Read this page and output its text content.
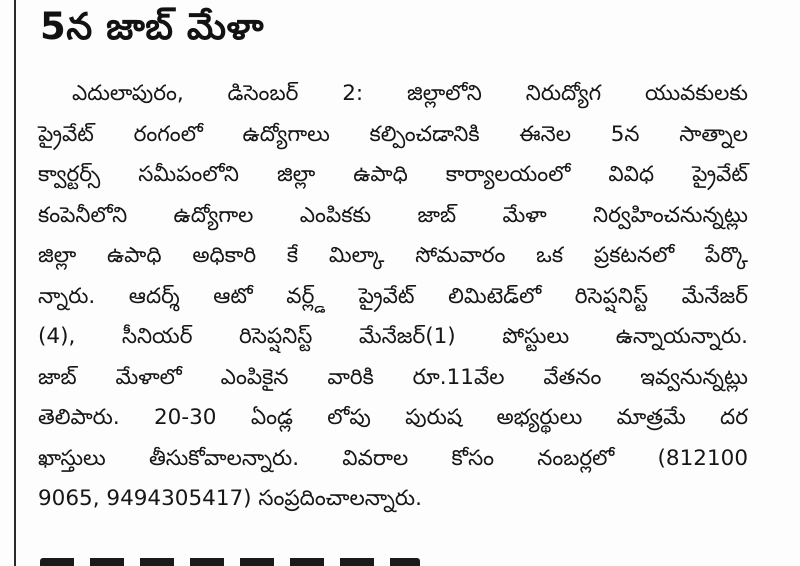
5న జాబ్ మేళా
ఎదులాపురం, డిసెంబర్ 2: జిల్లాలోని నిరుద్యోగ యువకులకు
ప్రైవేట్ రంగంలో ఉద్యోగాలు కల్పించడానికి ఈనెల 5న సాత్నాల
క్వార్టర్స్ సమీపంలోని జిల్లా ఉపాధి కార్యాలయంలో వివిధ ప్రైవేట్
కంపెనీలోని ఉద్యోగాల ఎంపికకు జాబ్ మేళా నిర్వహించనున్నట్లు
జిల్లా ఉపాధి అధికారి కే మిల్కా సోమవారం ఒక ప్రకటనలో పేర్కొ
న్నారు. ఆదర్శ్ ఆటో వర్ల్డ్ ప్రైవేట్ లిమిటెడ్‌లో రిసెప్షనిస్ట్ మేనేజర్
(4), సీనియర్ రిసెప్షనిస్ట్ మేనేజర్(1) పోస్టులు ఉన్నాయన్నారు.
జాబ్ మేళాలో ఎంపికైన వారికి రూ.11వేల వేతనం ఇవ్వనున్నట్లు
తెలిపారు. 20-30 ఏండ్ల లోపు పురుష అభ్యర్థులు మాత్రమే దర
ఖాస్తులు తీసుకోవాలన్నారు. వివరాల కోసం నంబర్లలో (812100
9065, 9494305417) సంప్రదించాలన్నారు.
